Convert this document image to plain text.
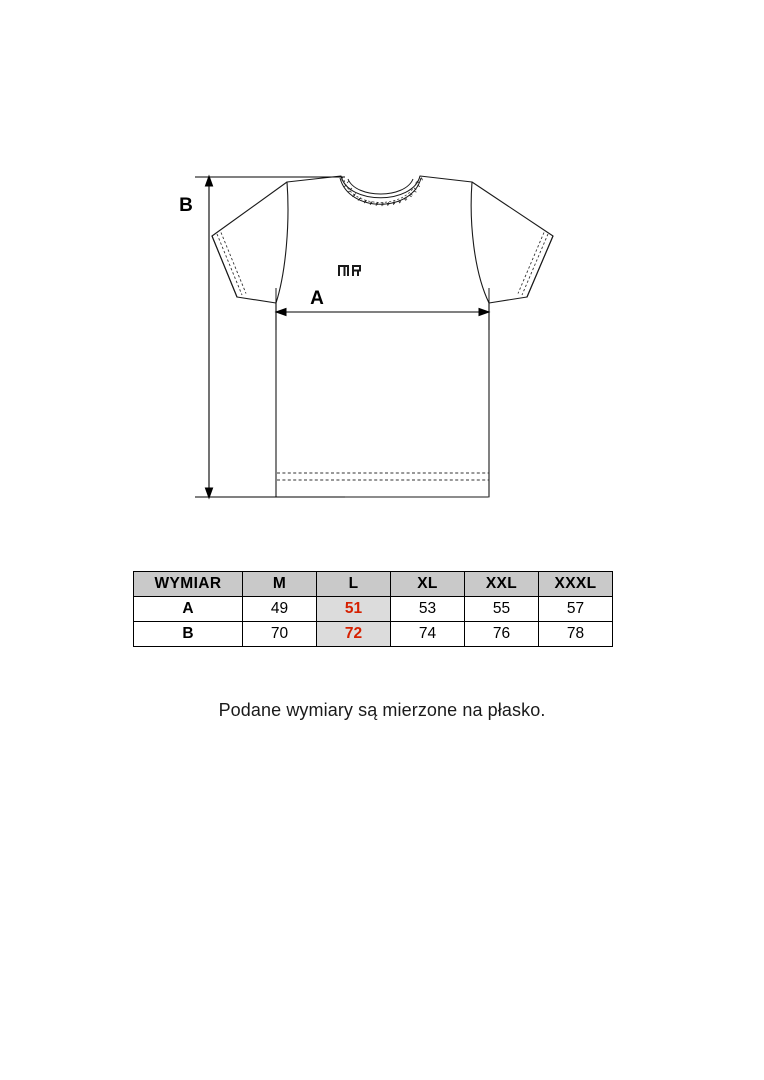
B
A
WYMIAR	M	L	XL	XXL	XXXL
A	49	51	53	55	57
B	70	72	74	76	78
Podane wymiary są mierzone na płasko.
